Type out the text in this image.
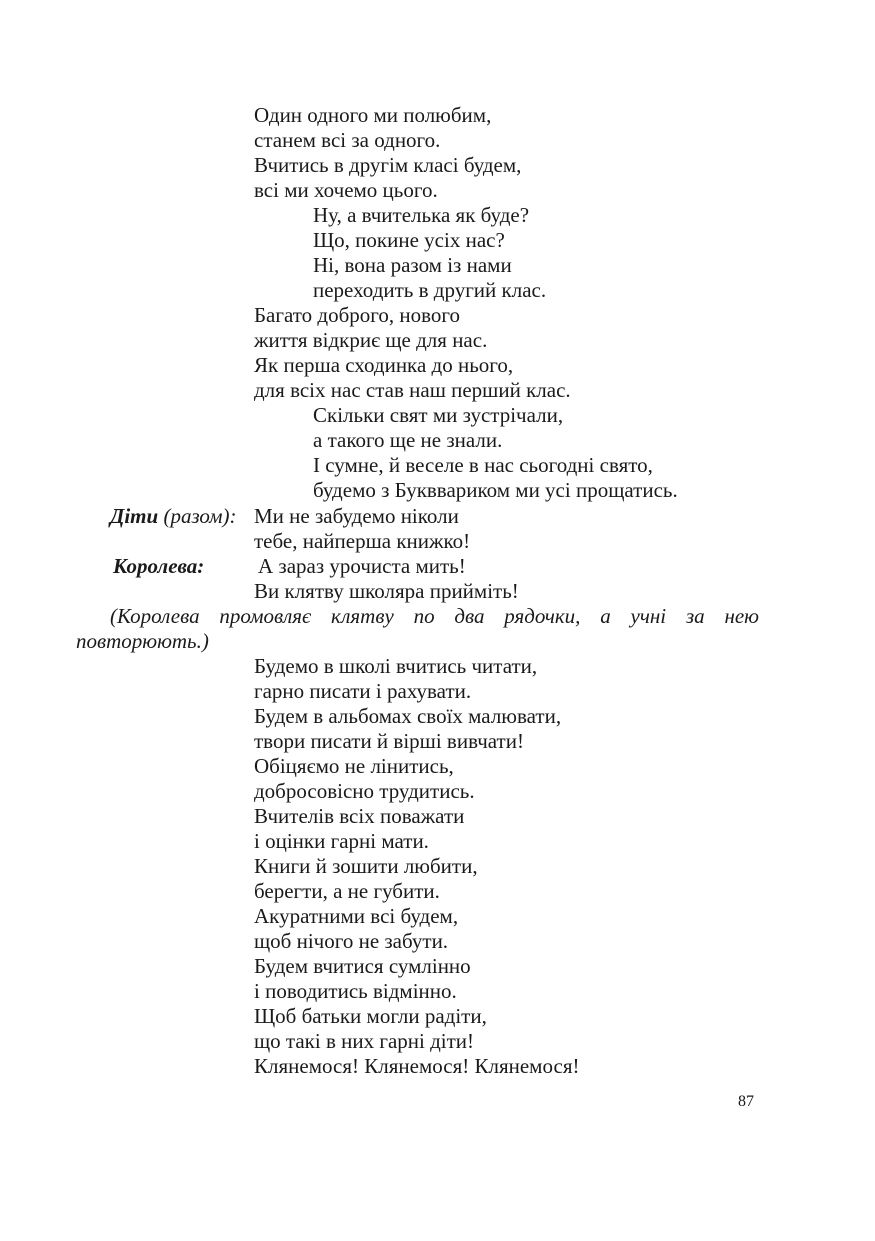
Один одного ми полюбим,
станем всі за одного.
Вчитись в другім класі будем,
всі ми хочемо цього.
Ну, а вчителька як буде?
Що, покине усіх нас?
Ні, вона разом із нами
переходить в другий клас.
Багато доброго, нового
життя відкриє ще для нас.
Як перша сходинка до нього,
для всіх нас став наш перший клас.
Скільки свят ми зустрічали,
а такого ще не знали.
І сумне, й веселе в нас сьогодні свято,
будемо з Букввариком ми усі прощатись.
Діти (разом): Ми не забудемо ніколи
тебе, найперша книжко!
Королева:	А зараз урочиста мить!
Ви клятву школяра прийміть!
(Королева промовляє клятву по два рядочки, а учні за нею повторюють.)
Будемо в школі вчитись читати,
гарно писати і рахувати.
Будем в альбомах своїх малювати,
твори писати й вірші вивчати!
Обіцяємо не лінитись,
добросовісно трудитись.
Вчителів всіх поважати
і оцінки гарні мати.
Книги й зошити любити,
берегти, а не губити.
Акуратними всі будем,
щоб нічого не забути.
Будем вчитися сумлінно
і поводитись відмінно.
Щоб батьки могли радіти,
що такі в них гарні діти!
Клянемося! Клянемося! Клянемося!
87
